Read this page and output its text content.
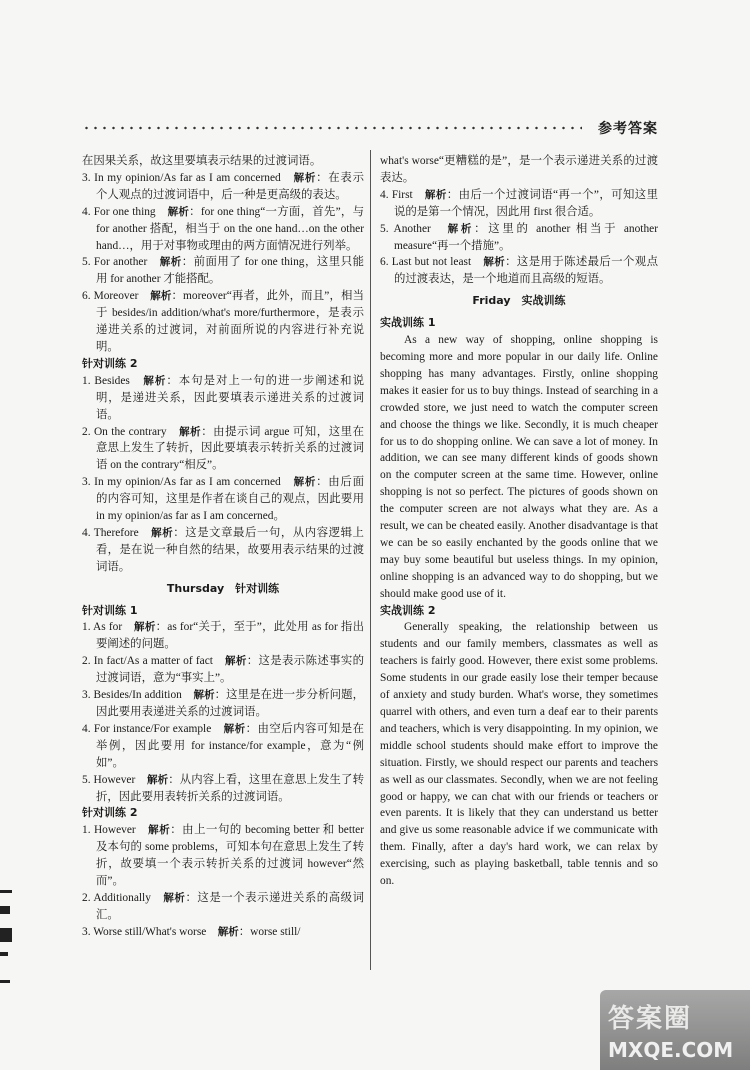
参考答案
在因果关系，故这里要填表示结果的过渡词语。
3. In my opinion/As far as I am concerned　 解析：在表示个人观点的过渡词语中，后一种是更高级的表达。
4. For one thing　 解析：for one thing“一方面，首先”，与 for another 搭配，相当于 on the one hand…on the other hand…，用于对事物或理由的两方面情况进行列举。
5. For another　 解析：前面用了 for one thing，这里只能用 for another 才能搭配。
6. Moreover　 解析：moreover“再者，此外，而且”，相当于 besides/in addition/what's more/furthermore，是表示递进关系的过渡词，对前面所说的内容进行补充说明。
针对训练 2
1. Besides　 解析：本句是对上一句的进一步阐述和说明，是递进关系，因此要填表示递进关系的过渡词语。
2. On the contrary　 解析：由提示词 argue 可知，这里在意思上发生了转折，因此要填表示转折关系的过渡词语 on the contrary“相反”。
3. In my opinion/As far as I am concerned　 解析：由后面的内容可知，这里是作者在谈自己的观点，因此要用 in my opinion/as far as I am concerned。
4. Therefore　 解析：这是文章最后一句，从内容逻辑上看，是在说一种自然的结果，故要用表示结果的过渡词语。
Thursday　针对训练
针对训练 1
1. As for　 解析：as for“关于，至于”，此处用 as for 指出要阐述的问题。
2. In fact/As a matter of fact　 解析：这是表示陈述事实的过渡词语，意为“事实上”。
3. Besides/In addition　 解析：这里是在进一步分析问题，因此要用表递进关系的过渡词语。
4. For instance/For example　 解析：由空后内容可知是在举例，因此要用 for instance/for example，意为“例如”。
5. However　 解析：从内容上看，这里在意思上发生了转折，因此要用表转折关系的过渡词语。
针对训练 2
1. However　 解析：由上一句的 becoming better 和 better 及本句的 some problems，可知本句在意思上发生了转折，故要填一个表示转折关系的过渡词 however“然而”。
2. Additionally　 解析：这是一个表示递进关系的高级词汇。
3. Worse still/What's worse　 解析：worse still/
what's worse“更糟糕的是”，是一个表示递进关系的过渡表达。
4. First　 解析：由后一个过渡词语“再一个”，可知这里说的是第一个情况，因此用 first 很合适。
5. Another　 解析：这里的 another 相当于 another measure“再一个措施”。
6. Last but not least　 解析：这是用于陈述最后一个观点的过渡表达，是一个地道而且高级的短语。
Friday　实战训练
实战训练 1
As a new way of shopping, online shopping is becoming more and more popular in our daily life. Online shopping has many advantages. Firstly, online shopping makes it easier for us to buy things. Instead of searching in a crowded store, we just need to watch the computer screen and choose the things we like. Secondly, it is much cheaper for us to do shopping online. We can save a lot of money. In addition, we can see many different kinds of goods shown on the computer screen at the same time. However, online shopping is not so perfect. The pictures of goods shown on the computer screen are not always what they are. As a result, we can be cheated easily. Another disadvantage is that we can be so easily enchanted by the goods online that we may buy some beautiful but useless things. In my opinion, online shopping is an advanced way to do shopping, but we should make good use of it.
实战训练 2
Generally speaking, the relationship between us students and our family members, classmates as well as teachers is fairly good. However, there exist some problems. Some students in our grade easily lose their temper because of anxiety and study burden. What's worse, they sometimes quarrel with others, and even turn a deaf ear to their parents and teachers, which is very disappointing. In my opinion, we middle school students should make effort to improve the situation. Firstly, we should respect our parents and teachers as well as our classmates. Secondly, when we are not feeling good or happy, we can chat with our friends or teachers or even parents. It is likely that they can understand us better and give us some reasonable advice if we communicate with them. Finally, after a day's hard work, we can relax by exercising, such as playing basketball, table tennis and so on.
答案圈
MXQE.COM
